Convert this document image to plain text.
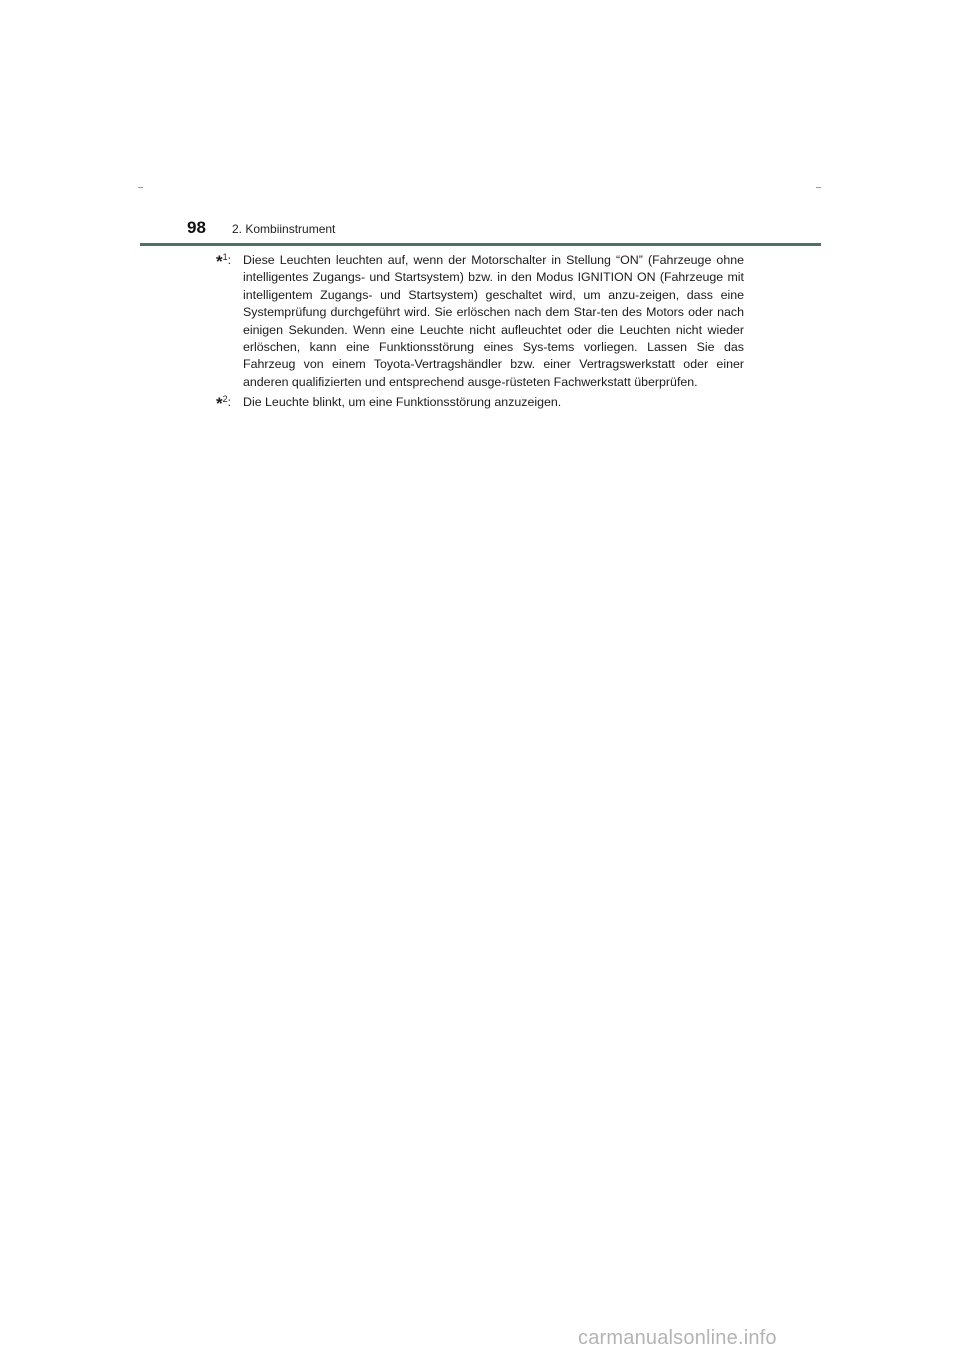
98 2. Kombiinstrument
*$^1$: Diese Leuchten leuchten auf, wenn der Motorschalter in Stellung “ON” (Fahrzeuge ohne intelligentes Zugangs- und Startsystem) bzw. in den Modus IGNITION ON (Fahrzeuge mit intelligentem Zugangs- und Startsystem) geschaltet wird, um anzu-zeigen, dass eine Systemprüfung durchgeführt wird. Sie erlöschen nach dem Star-ten des Motors oder nach einigen Sekunden. Wenn eine Leuchte nicht aufleuchtet oder die Leuchten nicht wieder erlöschen, kann eine Funktionsstörung eines Sys-tems vorliegen. Lassen Sie das Fahrzeug von einem Toyota-Vertragshändler bzw. einer Vertragswerkstatt oder einer anderen qualifizierten und entsprechend ausge-rüsteten Fachwerkstatt überprüfen.
*$^2$: Die Leuchte blinkt, um eine Funktionsstörung anzuzeigen.
carmanualsonline.info
